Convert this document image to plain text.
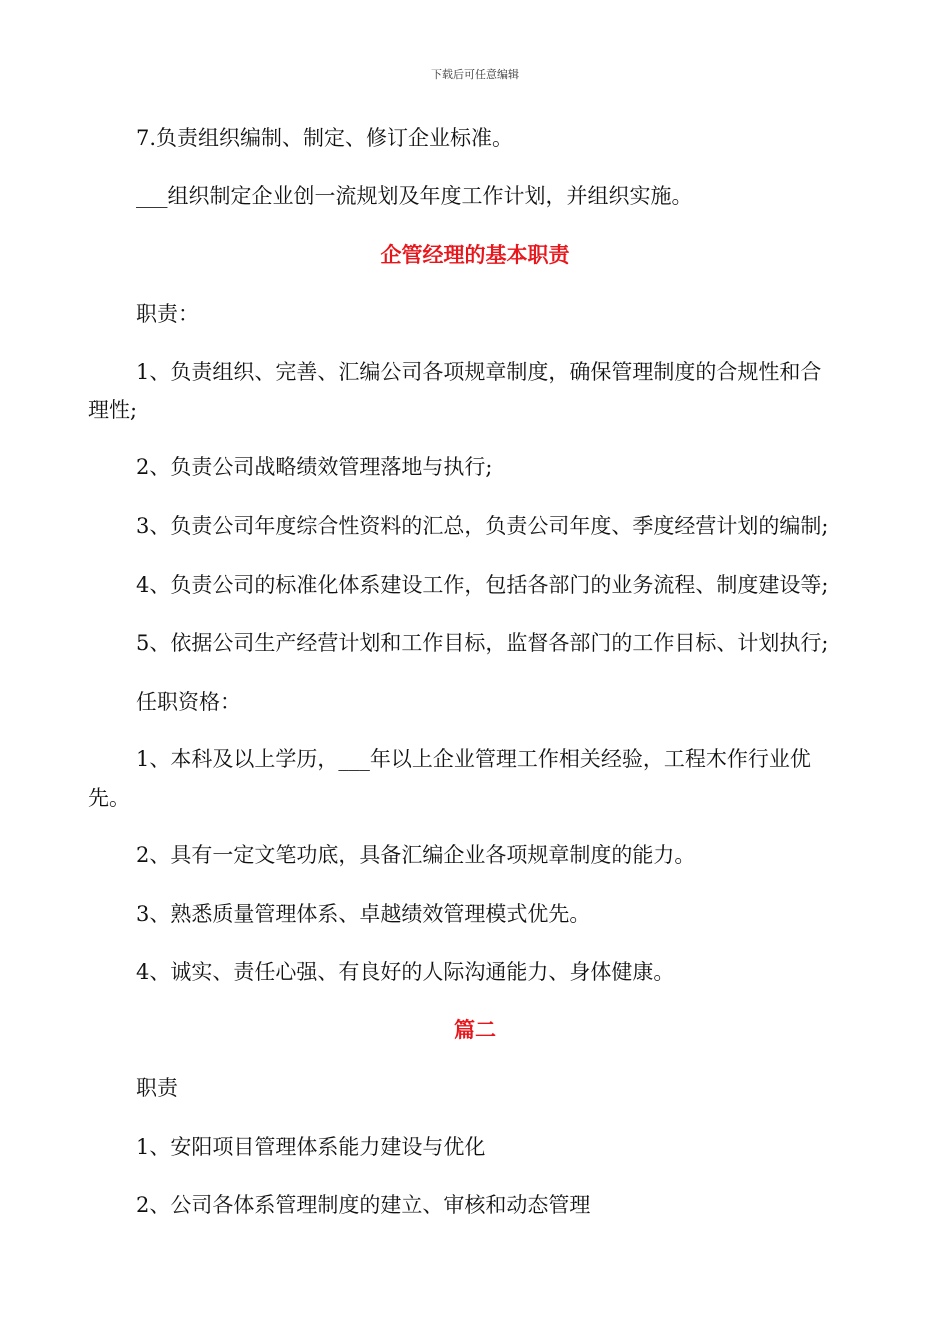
下载后可任意编辑
7.负责组织编制、制定、修订企业标准。
___组织制定企业创一流规划及年度工作计划，并组织实施。
企管经理的基本职责
职责：
1、负责组织、完善、汇编公司各项规章制度，确保管理制度的合规性和合
理性;
2、负责公司战略绩效管理落地与执行;
3、负责公司年度综合性资料的汇总，负责公司年度、季度经营计划的编制;
4、负责公司的标准化体系建设工作，包括各部门的业务流程、制度建设等;
5、依据公司生产经营计划和工作目标，监督各部门的工作目标、计划执行;
任职资格：
1、本科及以上学历，___年以上企业管理工作相关经验，工程木作行业优
先。
2、具有一定文笔功底，具备汇编企业各项规章制度的能力。
3、熟悉质量管理体系、卓越绩效管理模式优先。
4、诚实、责任心强、有良好的人际沟通能力、身体健康。
篇二
职责
1、安阳项目管理体系能力建设与优化
2、公司各体系管理制度的建立、审核和动态管理
